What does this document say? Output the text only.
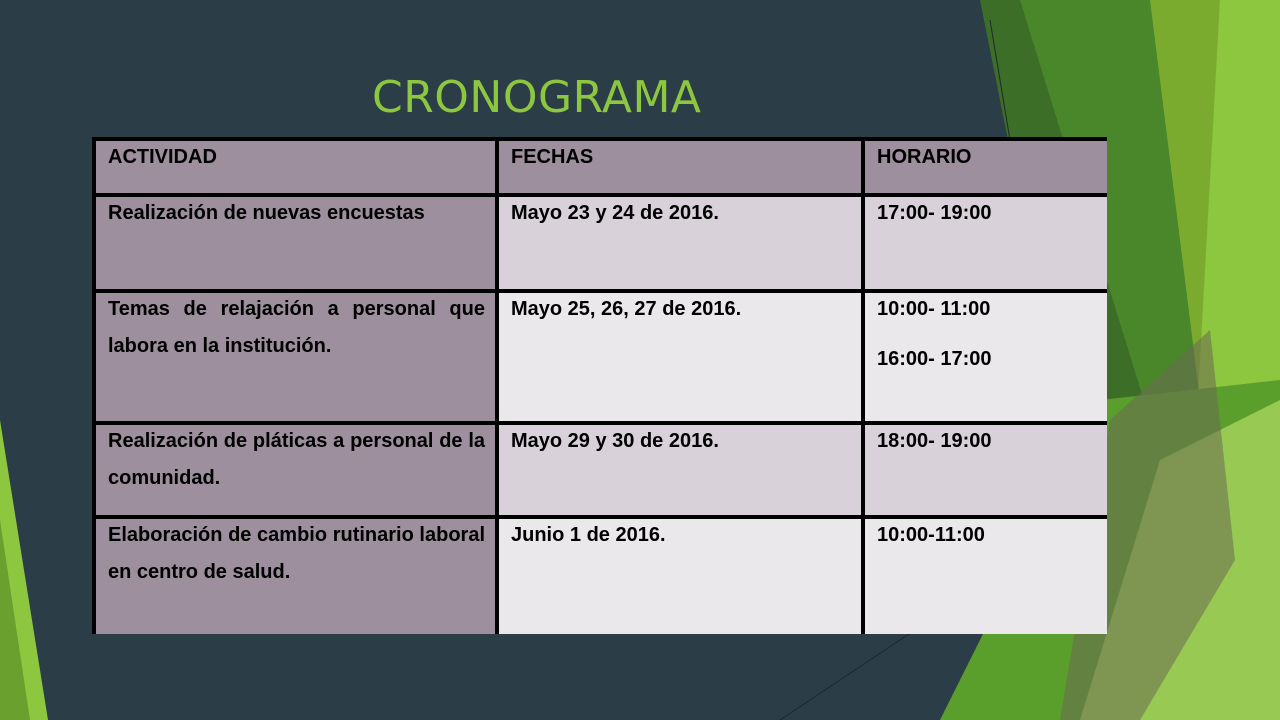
CRONOGRAMA
ACTIVIDAD	FECHAS	HORARIO

Realización de nuevas encuestas	Mayo 23 y 24 de 2016.	17:00- 19:00

Temas de relajación a personal que labora en la institución.	Mayo 25, 26, 27 de 2016.	10:00- 11:00
16:00- 17:00

Realización de pláticas a personal de la comunidad.	Mayo 29 y 30 de 2016.	18:00- 19:00

Elaboración de cambio rutinario laboral en centro de salud.	Junio 1 de 2016.	10:00-11:00
